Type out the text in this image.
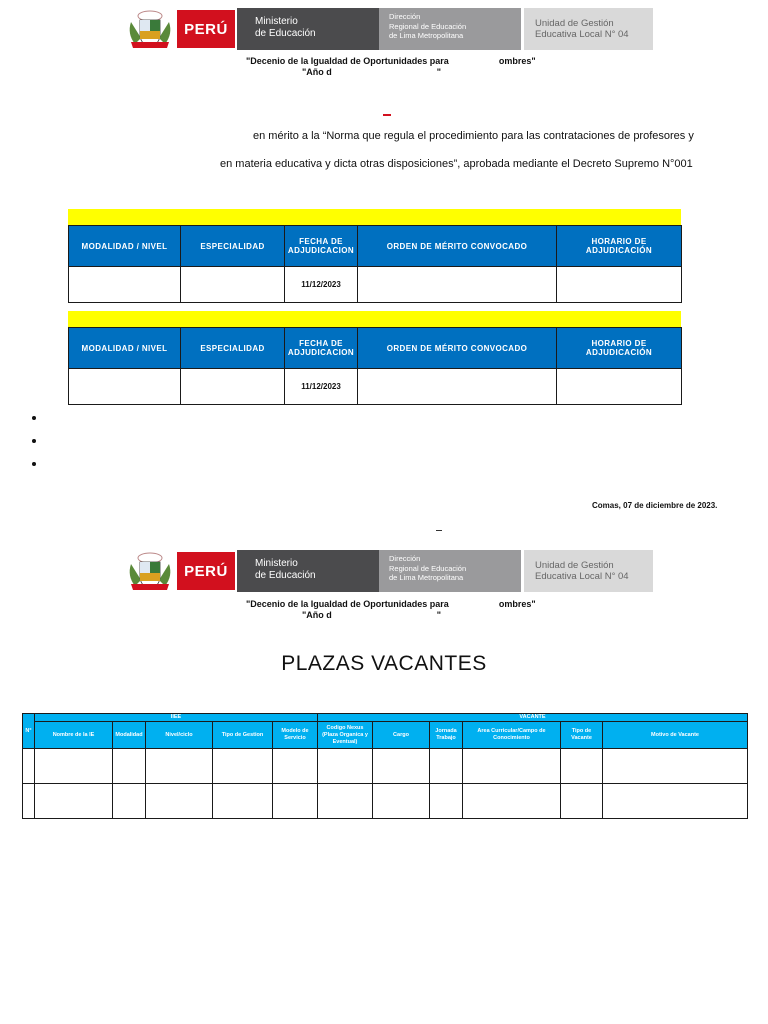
PERÚ	Ministerio
de Educación
Dirección
Regional de Educación
de Lima Metropolitana
Unidad de Gestión
Educativa Local N° 04
"Decenio de la Igualdad de Oportunidades para                    ombres"
"Año d                                          "
en mérito a la “Norma que regula el procedimiento para las contrataciones de profesores y
en materia educativa y dicta otras disposiciones”, aprobada mediante el Decreto Supremo N°001
MODALIDAD / NIVEL	ESPECIALIDAD	FECHA DE ADJUDICACION	ORDEN DE MÉRITO CONVOCADO	HORARIO DE ADJUDICACIÓN
		11/12/2023		
MODALIDAD / NIVEL	ESPECIALIDAD	FECHA DE ADJUDICACION	ORDEN DE MÉRITO CONVOCADO	HORARIO DE ADJUDICACIÓN
		11/12/2023		
Comas, 07 de diciembre de 2023.
PERÚ	Ministerio
de Educación
Dirección
Regional de Educación
de Lima Metropolitana
Unidad de Gestión
Educativa Local N° 04
"Decenio de la Igualdad de Oportunidades para                    ombres"
"Año d                                          "
PLAZAS VACANTES
N°	IIEE					VACANTE					
	Nombre de la IE	Modalidad	Nivel/ciclo	Tipo de Gestion	Modelo de Servicio	Codigo Nexus (Plaza Organica y Eventual)	Cargo	Jornada Trabajo	Area Curricular/Campo de Conocimiento	Tipo de Vacante	Motivo de Vacante
